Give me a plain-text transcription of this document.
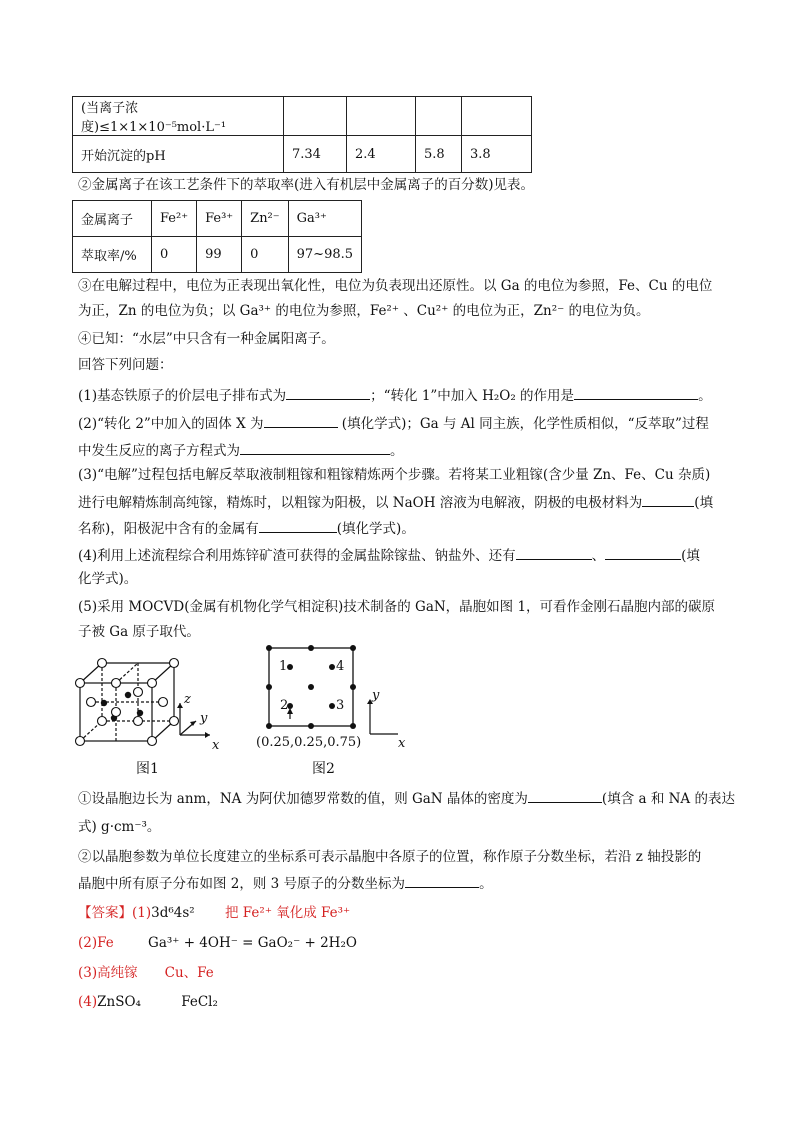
(当离子浓度)≤1×1×10⁻⁵mol·L⁻¹				
开始沉淀的pH	7.34	2.4	5.8	3.8
②金属离子在该工艺条件下的萃取率(进入有机层中金属离子的百分数)见表。
金属离子	Fe²⁺	Fe³⁺	Zn²⁻	Ga³⁺
萃取率/%	0	99	0	97~98.5
③在电解过程中，电位为正表现出氧化性，电位为负表现出还原性。以 Ga 的电位为参照，Fe、Cu 的电位
为正，Zn 的电位为负；以 Ga³⁺ 的电位为参照，Fe²⁺ 、Cu²⁺ 的电位为正，Zn²⁻ 的电位为负。
④已知：“水层”中只含有一种金属阳离子。
回答下列问题：
(1)基态铁原子的价层电子排布式为	；“转化 1”中加入 H₂O₂ 的作用是	。
(2)“转化 2”中加入的固体 X 为	(填化学式)；Ga 与 Al 同主族，化学性质相似，“反萃取”过程
中发生反应的离子方程式为	。
(3)“电解”过程包括电解反萃取液制粗镓和粗镓精炼两个步骤。若将某工业粗镓(含少量 Zn、Fe、Cu 杂质)
进行电解精炼制高纯镓，精炼时，以粗镓为阳极，以 NaOH 溶液为电解液，阴极的电极材料为	(填
名称)，阳极泥中含有的金属有	(填化学式)。
(4)利用上述流程综合利用炼锌矿渣可获得的金属盐除镓盐、钠盐外、还有	、	(填
化学式)。
(5)采用 MOCVD(金属有机物化学气相淀积)技术制备的 GaN，晶胞如图 1，可看作金刚石晶胞内部的碳原
子被 Ga 原子取代。
z
y
x
图1
1
2	3
4
(0.25,0.25,0.75)
y
x
图2
①设晶胞边长为 anm，NA 为阿伏加德罗常数的值，则 GaN 晶体的密度为	(填含 a 和 NA 的表达
式) g·cm⁻³。
②以晶胞参数为单位长度建立的坐标系可表示晶胞中各原子的位置，称作原子分数坐标，若沿 z 轴投影的
晶胞中所有原子分布如图 2，则 3 号原子的分数坐标为	。
【答案】(1)3d⁶4s² 把 Fe²⁺ 氧化成 Fe³⁺
(2)Fe	Ga³⁺ + 4OH⁻ = GaO₂⁻ + 2H₂O
(3)高纯镓　　Cu、Fe
(4)ZnSO₄	FeCl₂
